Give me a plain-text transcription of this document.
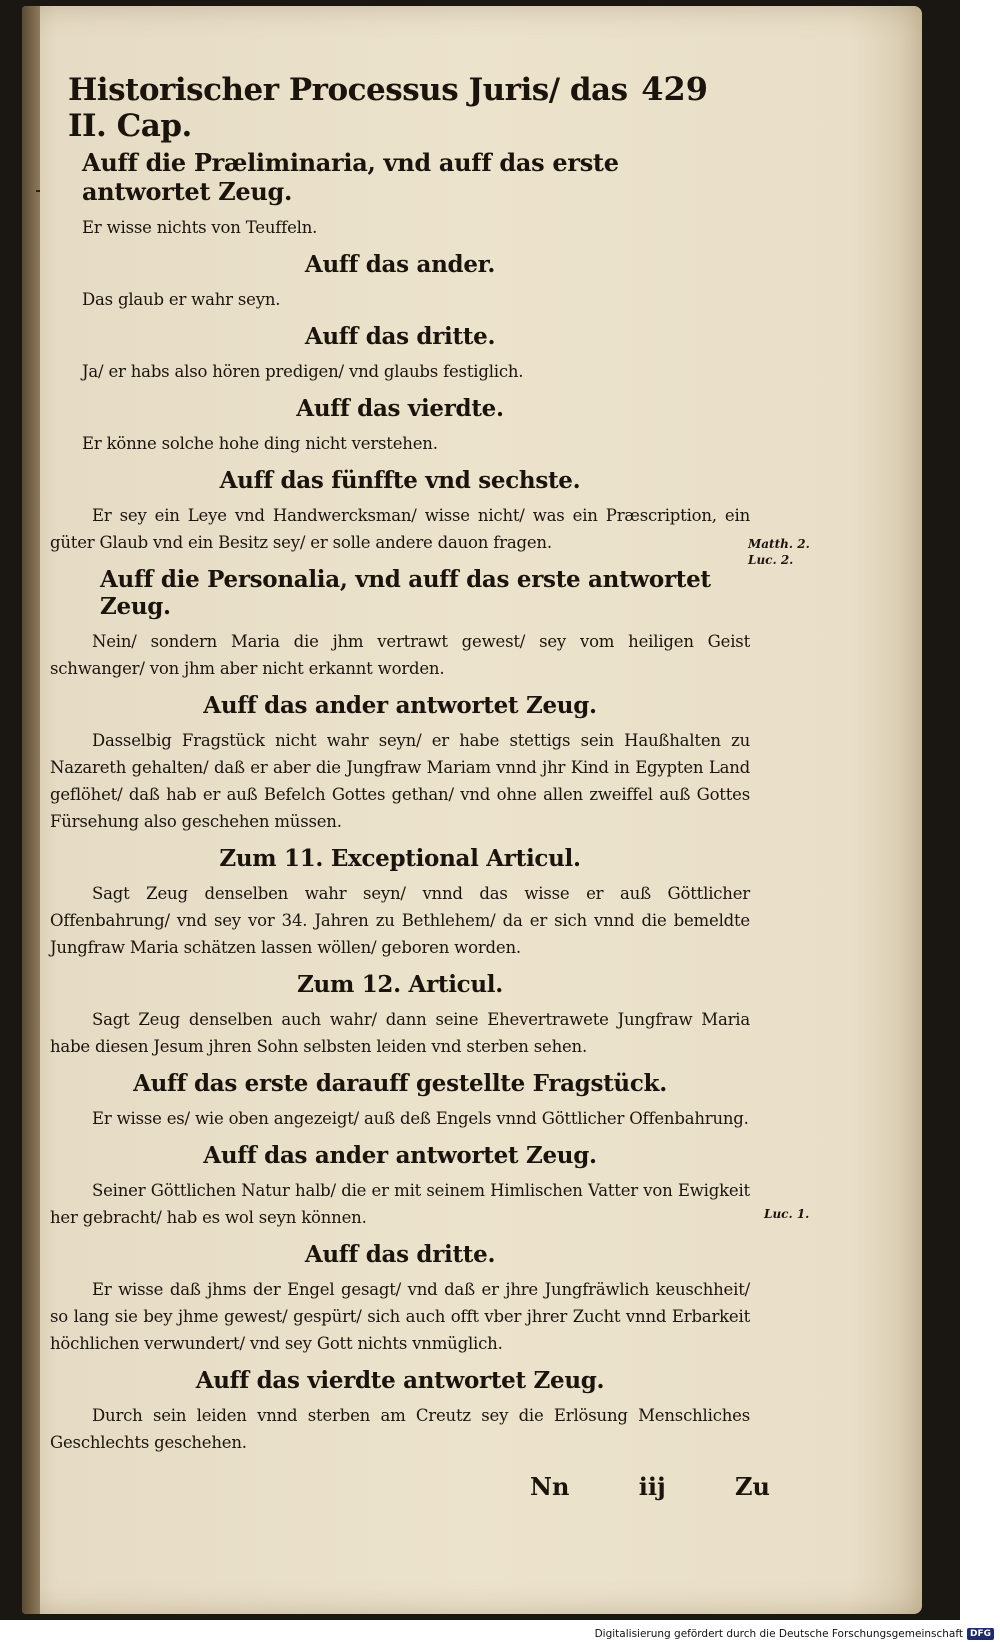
Historischer Processus Juris/ das II. Cap.
429
Auff die Præliminaria, vnd auff das erste antwortet Zeug.

Er wisse nichts von Teuffeln.

Auff das ander.

Das glaub er wahr seyn.

Auff das dritte.

Ja/ er habs also hören predigen/ vnd glaubs festiglich.

Auff das vierdte.

Er könne solche hohe ding nicht verstehen.

Auff das fünffte vnd sechste.

Er sey ein Leye vnd Handwercksman/ wisse nicht/ was ein Præscription, ein güter Glaub vnd ein Besitz sey/ er solle andere dauon fragen.

Auff die Personalia, vnd auff das erste antwortet Zeug.

Nein/ sondern Maria die jhm vertrawt gewest/ sey vom heiligen Geist schwanger/ von jhm aber nicht erkannt worden.

Auff das ander antwortet Zeug.

Dasselbig Fragstück nicht wahr seyn/ er habe stettigs sein Haußhalten zu Nazareth gehalten/ daß er aber die Jungfraw Mariam vnnd jhr Kind in Egypten Land geflöhet/ daß hab er auß Befelch Gottes gethan/ vnd ohne allen zweiffel auß Gottes Fürsehung also geschehen müssen.

Zum 11. Exceptional Articul.

Sagt Zeug denselben wahr seyn/ vnnd das wisse er auß Göttlicher Offenbahrung/ vnd sey vor 34. Jahren zu Bethlehem/ da er sich vnnd die bemeldte Jungfraw Maria schätzen lassen wöllen/ geboren worden.

Zum 12. Articul.

Sagt Zeug denselben auch wahr/ dann seine Ehevertrawete Jungfraw Maria habe diesen Jesum jhren Sohn selbsten leiden vnd sterben sehen.

Auff das erste darauff gestellte Fragstück.

Er wisse es/ wie oben angezeigt/ auß deß Engels vnnd Göttlicher Offenbahrung.

Auff das ander antwortet Zeug.

Seiner Göttlichen Natur halb/ die er mit seinem Himlischen Vatter von Ewigkeit her gebracht/ hab es wol seyn können.

Auff das dritte.

Er wisse daß jhms der Engel gesagt/ vnd daß er jhre Jungfräwlich keuschheit/ so lang sie bey jhme gewest/ gespürt/ sich auch offt vber jhrer Zucht vnnd Erbarkeit höchlichen verwundert/ vnd sey Gott nichts vnmüglich.

Auff das vierdte antwortet Zeug.

Durch sein leiden vnnd sterben am Creutz sey die Erlösung Menschliches Geschlechts geschehen.

Nn	iij	Zu
Matth. 2.
Luc. 2.
Luc. 1.
Digitalisierung gefördert durch die Deutsche Forschungsgemeinschaft DFG
